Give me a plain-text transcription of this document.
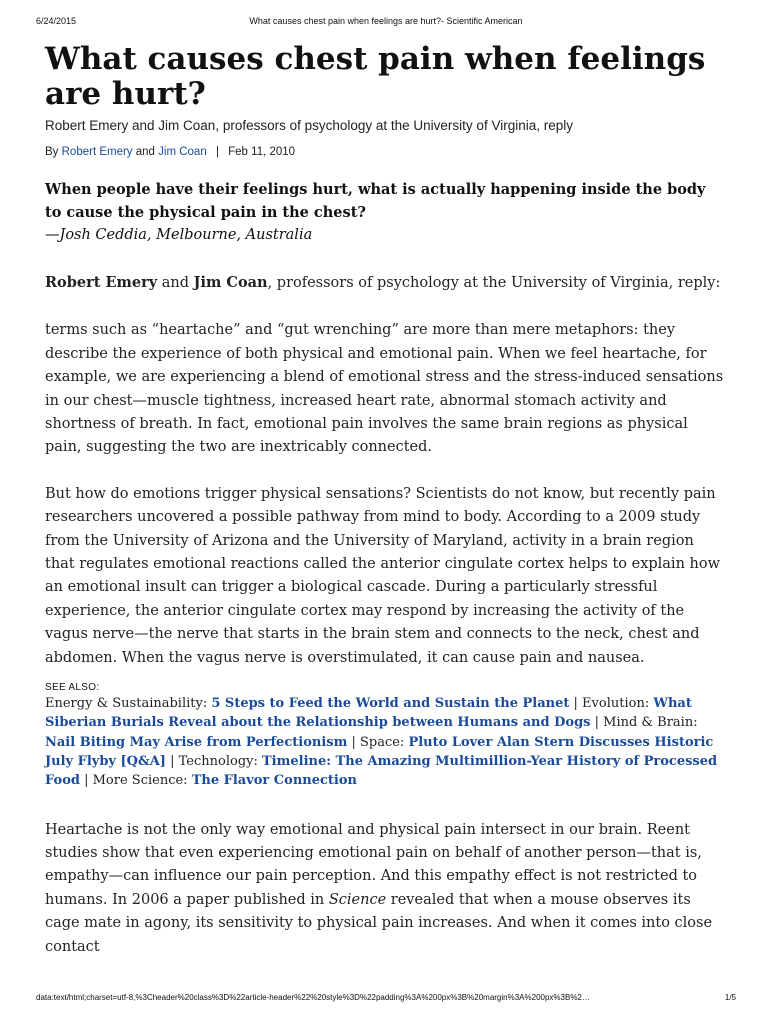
6/24/2015	What causes chest pain when feelings are hurt?- Scientific American
What causes chest pain when feelings are hurt?
Robert Emery and Jim Coan, professors of psychology at the University of Virginia, reply
By Robert Emery and Jim Coan | Feb 11, 2010
When people have their feelings hurt, what is actually happening inside the body to cause the physical pain in the chest?
—Josh Ceddia, Melbourne, Australia

Robert Emery and Jim Coan, professors of psychology at the University of Virginia, reply:

terms such as “heartache” and “gut wrenching” are more than mere metaphors: they describe the experience of both physical and emotional pain. When we feel heartache, for example, we are experiencing a blend of emotional stress and the stress-induced sensations in our chest—muscle tightness, increased heart rate, abnormal stomach activity and shortness of breath. In fact, emotional pain involves the same brain regions as physical pain, suggesting the two are inextricably connected.

But how do emotions trigger physical sensations? Scientists do not know, but recently pain researchers uncovered a possible pathway from mind to body. According to a 2009 study from the University of Arizona and the University of Maryland, activity in a brain region that regulates emotional reactions called the anterior cingulate cortex helps to explain how an emotional insult can trigger a biological cascade. During a particularly stressful experience, the anterior cingulate cortex may respond by increasing the activity of the vagus nerve—the nerve that starts in the brain stem and connects to the neck, chest and abdomen. When the vagus nerve is overstimulated, it can cause pain and nausea.

SEE ALSO:
Energy & Sustainability: 5 Steps to Feed the World and Sustain the Planet | Evolution: What Siberian Burials Reveal about the Relationship between Humans and Dogs | Mind & Brain: Nail Biting May Arise from Perfectionism | Space: Pluto Lover Alan Stern Discusses Historic July Flyby [Q&A] | Technology: Timeline: The Amazing Multimillion-Year History of Processed Food | More Science: The Flavor Connection

Heartache is not the only way emotional and physical pain intersect in our brain. Reent studies show that even experiencing emotional pain on behalf of another person—that is, empathy—can influence our pain perception. And this empathy effect is not restricted to humans. In 2006 a paper published in Science revealed that when a mouse observes its cage mate in agony, its sensitivity to physical pain increases. And when it comes into close contact

data:text/html;charset=utf-8,%3Cheader%20class%3D%22article-header%22%20style%3D%22padding%3A%200px%3B%20margin%3A%200px%3B%2…	1/5
